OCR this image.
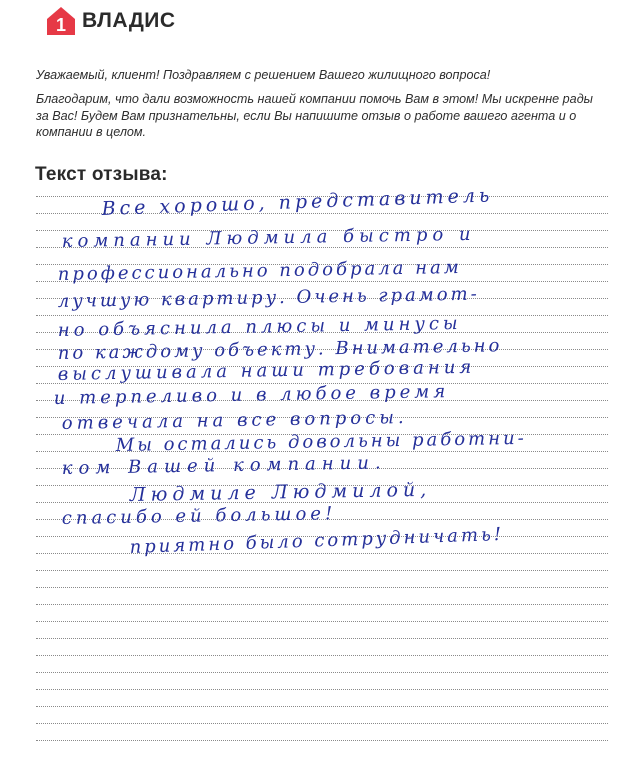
1 ВЛАДИС

Уважаемый, клиент! Поздравляем с решением Вашего жилищного вопроса!

Благодарим, что дали возможность нашей компании помочь Вам в этом! Мы искренне рады за Вас! Будем Вам признательны, если Вы напишите отзыв о работе вашего агента и о компании в целом.

Текст отзыва:
Все хорошо, представитель
компании Людмила быстро и
профессионально подобрала нам
лучшую квартиру. Очень грамот-
но объяснила плюсы и минусы
по каждому объекту. Внимательно
выслушивала наши требования
и терпеливо и в любое время
отвечала на все вопросы.
Мы остались довольны работни-
ком Вашей компании.
Людмиле Людмилой,
спасибо ей большое!
приятно было сотрудничать!
